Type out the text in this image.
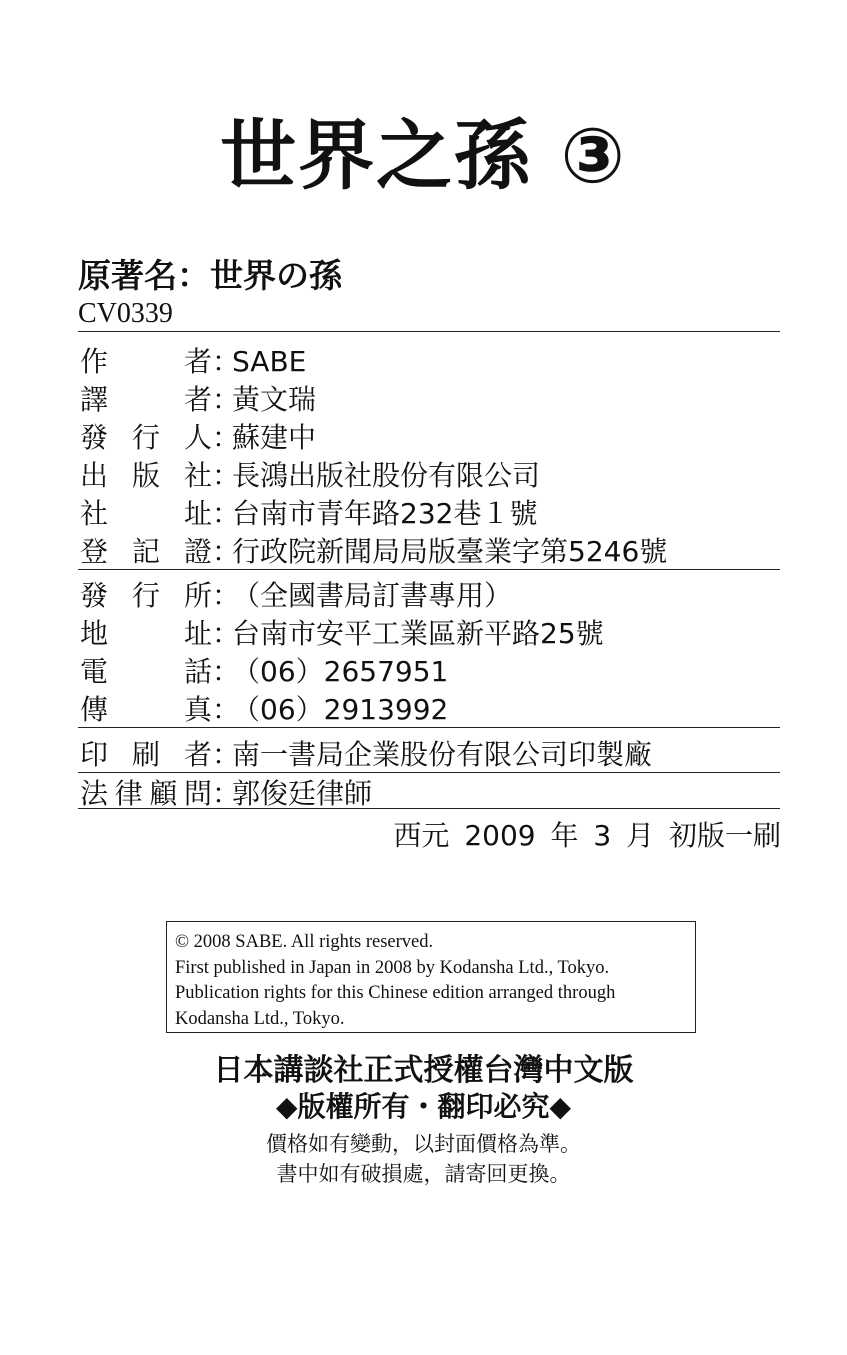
世界之孫 ③
原著名：世界の孫
CV0339
作者：SABE
譯者：黃文瑞
發行人：蘇建中
出版社：長鴻出版社股份有限公司
社址：台南市青年路232巷１號
登記證：行政院新聞局局版臺業字第5246號
發行所：（全國書局訂書專用）
地址：台南市安平工業區新平路25號
電話：（06）2657951
傳真：（06）2913992
印刷者：南一書局企業股份有限公司印製廠
法律顧問：郭俊廷律師
西元 2009 年 3 月 初版一刷
© 2008 SABE. All rights reserved.
First published in Japan in 2008 by Kodansha Ltd., Tokyo.
Publication rights for this Chinese edition arranged through
Kodansha Ltd., Tokyo.
日本講談社正式授權台灣中文版
◆版權所有・翻印必究◆
價格如有變動，以封面價格為準。
書中如有破損處，請寄回更換。
